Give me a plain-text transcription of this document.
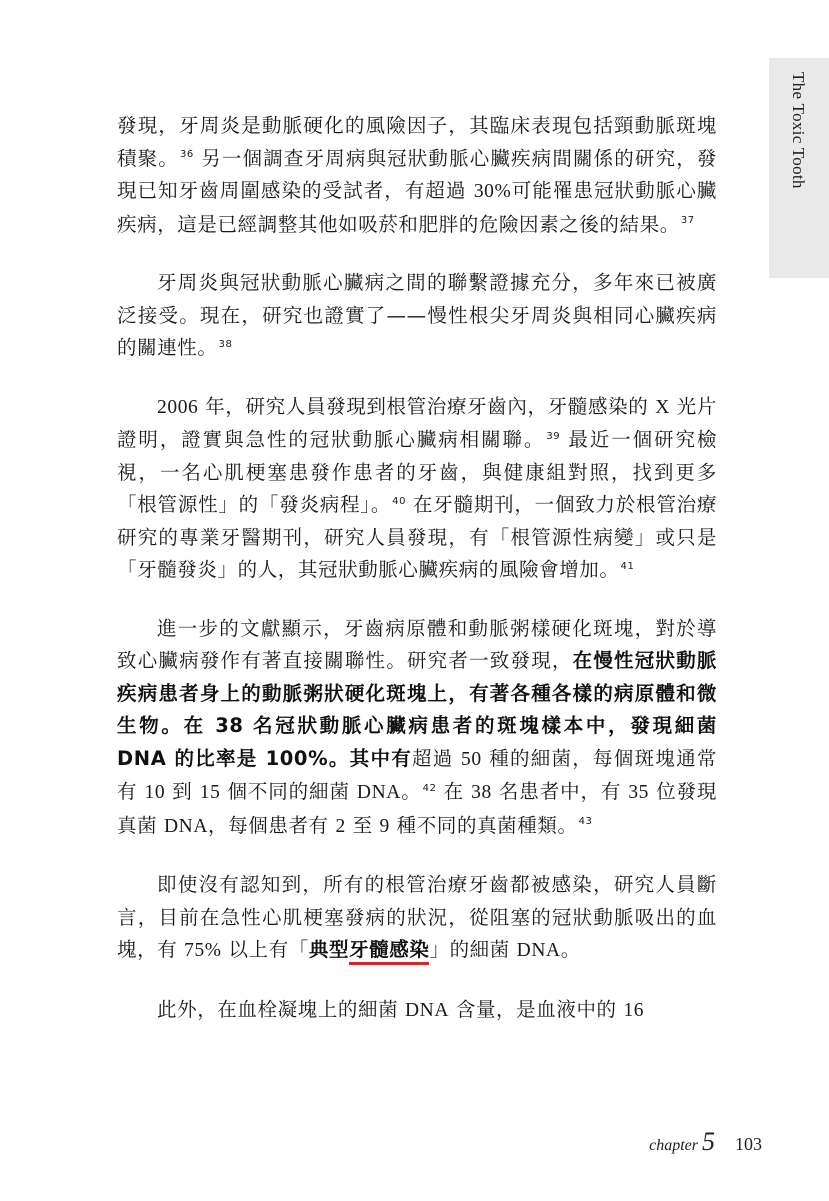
The Toxic Tooth

發現，牙周炎是動脈硬化的風險因子，其臨床表現包括頸動脈斑塊積聚。$^{36}$ 另一個調查牙周病與冠狀動脈心臟疾病間關係的研究，發現已知牙齒周圍感染的受試者，有超過 30%可能罹患冠狀動脈心臟疾病，這是已經調整其他如吸菸和肥胖的危險因素之後的結果。$^{37}$

牙周炎與冠狀動脈心臟病之間的聯繫證據充分，多年來已被廣泛接受。現在，研究也證實了——慢性根尖牙周炎與相同心臟疾病的關連性。$^{38}$

2006 年，研究人員發現到根管治療牙齒內，牙髓感染的 X 光片證明，證實與急性的冠狀動脈心臟病相關聯。$^{39}$ 最近一個研究檢視，一名心肌梗塞患發作患者的牙齒，與健康組對照，找到更多「根管源性」的「發炎病程」。$^{40}$ 在牙髓期刊，一個致力於根管治療研究的專業牙醫期刊，研究人員發現，有「根管源性病變」或只是「牙髓發炎」的人，其冠狀動脈心臟疾病的風險會增加。$^{41}$

進一步的文獻顯示，牙齒病原體和動脈粥樣硬化斑塊，對於導致心臟病發作有著直接關聯性。研究者一致發現，在慢性冠狀動脈疾病患者身上的動脈粥狀硬化斑塊上，有著各種各樣的病原體和微生物。在 38 名冠狀動脈心臟病患者的斑塊樣本中，發現細菌 DNA 的比率是 100%。其中有超過 50 種的細菌，每個斑塊通常有 10 到 15 個不同的細菌 DNA。$^{42}$ 在 38 名患者中，有 35 位發現真菌 DNA，每個患者有 2 至 9 種不同的真菌種類。$^{43}$

即使沒有認知到，所有的根管治療牙齒都被感染，研究人員斷言，目前在急性心肌梗塞發病的狀況，從阻塞的冠狀動脈吸出的血塊，有 75% 以上有「典型牙髓感染」的細菌 DNA。

此外，在血栓凝塊上的細菌 DNA 含量，是血液中的 16

chapter 5 103
